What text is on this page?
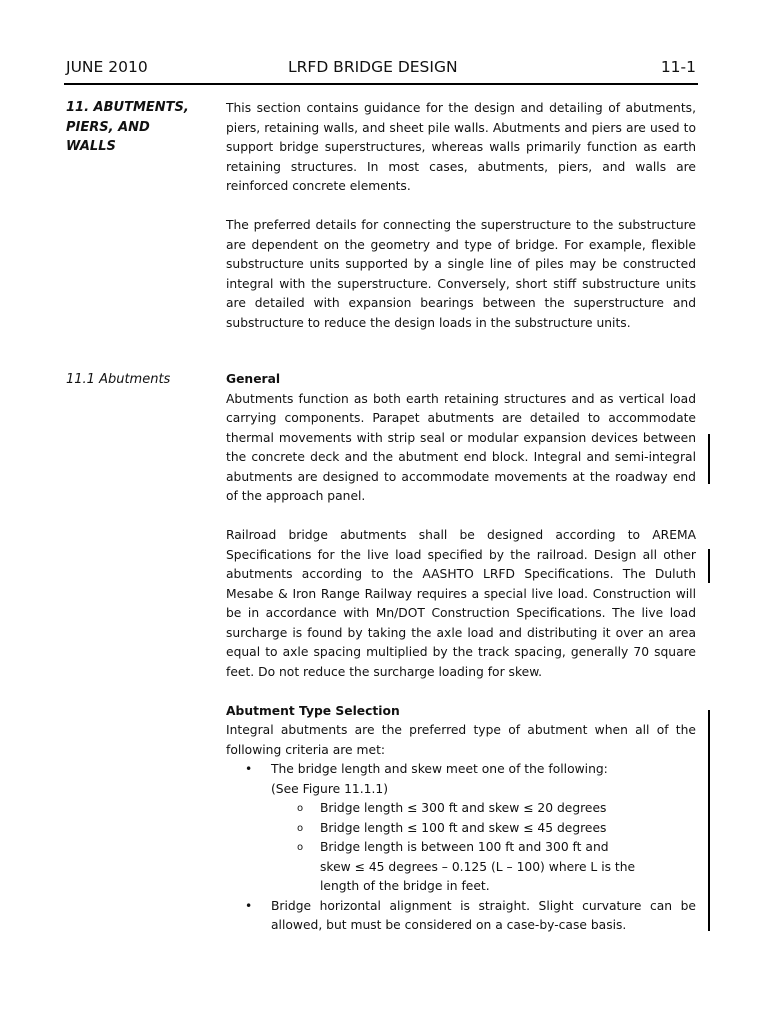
JUNE 2010	LRFD BRIDGE DESIGN	11-1
11. ABUTMENTS,
PIERS, AND
WALLS

This section contains guidance for the design and detailing of abutments, piers, retaining walls, and sheet pile walls. Abutments and piers are used to support bridge superstructures, whereas walls primarily function as earth retaining structures. In most cases, abutments, piers, and walls are reinforced concrete elements.

The preferred details for connecting the superstructure to the substructure are dependent on the geometry and type of bridge. For example, flexible substructure units supported by a single line of piles may be constructed integral with the superstructure. Conversely, short stiff substructure units are detailed with expansion bearings between the superstructure and substructure to reduce the design loads in the substructure units.

11.1 Abutments	General

Abutments function as both earth retaining structures and as vertical load carrying components. Parapet abutments are detailed to accommodate thermal movements with strip seal or modular expansion devices between the concrete deck and the abutment end block. Integral and semi-integral abutments are designed to accommodate movements at the roadway end of the approach panel.

Railroad bridge abutments shall be designed according to AREMA Specifications for the live load specified by the railroad. Design all other abutments according to the AASHTO LRFD Specifications. The Duluth Mesabe & Iron Range Railway requires a special live load. Construction will be in accordance with Mn/DOT Construction Specifications. The live load surcharge is found by taking the axle load and distributing it over an area equal to axle spacing multiplied by the track spacing, generally 70 square feet. Do not reduce the surcharge loading for skew.

Abutment Type Selection

Integral abutments are the preferred type of abutment when all of the following criteria are met:

• The bridge length and skew meet one of the following:
(See Figure 11.1.1)
o Bridge length ≤ 300 ft and skew ≤ 20 degrees
o Bridge length ≤ 100 ft and skew ≤ 45 degrees
o Bridge length is between 100 ft and 300 ft and
skew ≤ 45 degrees – 0.125 (L – 100) where L is the
length of the bridge in feet.
• Bridge horizontal alignment is straight. Slight curvature can be allowed, but must be considered on a case-by-case basis.
